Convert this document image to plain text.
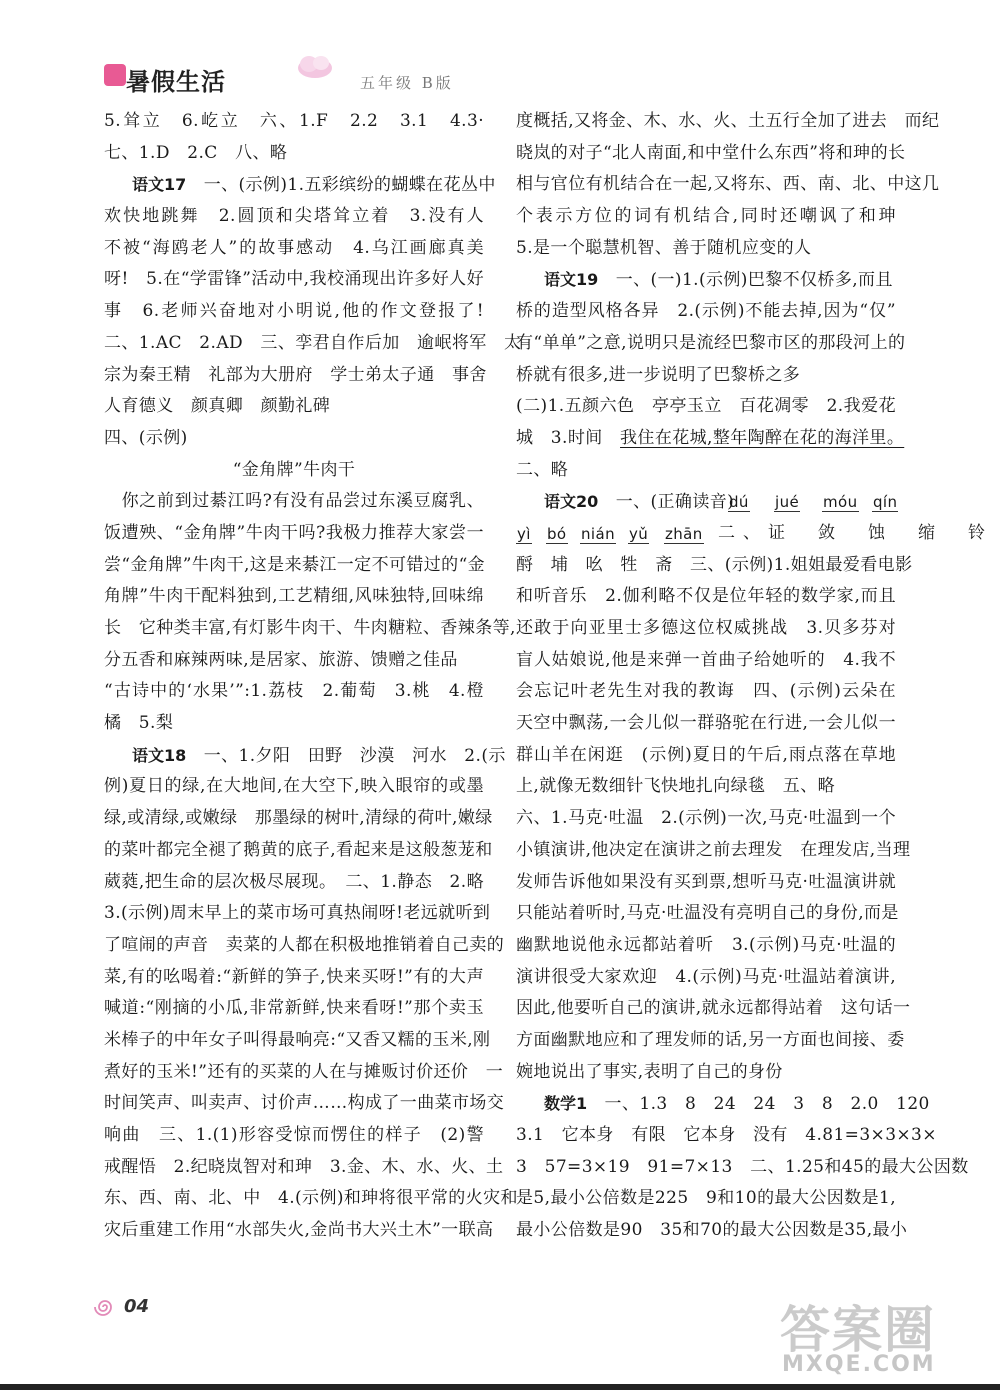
暑假生活	五年级 B版
5.耸立　6.屹立　六、1.F　2.2　3.1　4.3·
七、1.D　2.C　八、略
语文17　 一、(示例)1.五彩缤纷的蝴蝶在花丛中
欢快地跳舞　2.圆顶和尖塔耸立着　3.没有人
不被“海鸥老人”的故事感动　4.乌江画廊真美
呀!　5.在“学雷锋”活动中,我校涌现出许多好人好
事　6.老师兴奋地对小明说,他的作文登报了!
二、1.AC　2.AD　三、孪君自作后加　逾岷将军　太
宗为秦王精　礼部为大册府　学士弟太子通　事舍
人育德义　颜真卿　颜勤礼碑
四、(示例)
“金角牌”牛肉干
　你之前到过綦江吗?有没有品尝过东溪豆腐乳、
饭遭殃、“金角牌”牛肉干吗?我极力推荐大家尝一
尝“金角牌”牛肉干,这是来綦江一定不可错过的“金
角牌”牛肉干配料独到,工艺精细,风味独特,回味绵
长　它种类丰富,有灯影牛肉干、牛肉糖粒、香辣条等,
分五香和麻辣两味,是居家、旅游、馈赠之佳品
“古诗中的‘水果’”:1.荔枝　2.葡萄　3.桃　4.橙
橘　5.梨
语文18　 一、1.夕阳　田野　沙漠　河水　2.(示
例)夏日的绿,在大地间,在大空下,映入眼帘的或墨
绿,或清绿,或嫩绿　那墨绿的树叶,清绿的荷叶,嫩绿
的菜叶都完全褪了鹅黄的底子,看起来是这般葱茏和
葳蕤,把生命的层次极尽展现。　二、1.静态　2.略
3.(示例)周末早上的菜市场可真热闹呀!老远就听到
了喧闹的声音　卖菜的人都在积极地推销着自己卖的
菜,有的吆喝着:“新鲜的笋子,快来买呀!”有的大声
喊道:“刚摘的小瓜,非常新鲜,快来看呀!”那个卖玉
米棒子的中年女子叫得最响亮:“又香又糯的玉米,刚
煮好的玉米!”还有的买菜的人在与摊贩讨价还价　一
时间笑声、叫卖声、讨价声……构成了一曲菜市场交
响曲　三、1.(1)形容受惊而愣住的样子　(2)警
戒醒悟　2.纪晓岚智对和珅　3.金、木、水、火、土
东、西、南、北、中　4.(示例)和珅将很平常的火灾和
灾后重建工作用“水部失火,金尚书大兴土木”一联高
度概括,又将金、木、水、火、土五行全加了进去　而纪
晓岚的对子“北人南面,和中堂什么东西”将和珅的长
相与官位有机结合在一起,又将东、西、南、北、中这几
个表示方位的词有机结合,同时还嘲讽了和珅
5.是一个聪慧机智、善于随机应变的人
语文19　 一、(一)1.(示例)巴黎不仅桥多,而且
桥的造型风格各异　2.(示例)不能去掉,因为“仅”
有“单单”之意,说明只是流经巴黎市区的那段河上的
桥就有很多,进一步说明了巴黎桥之多
(二)1.五颜六色　亭亭玉立　百花凋零　2.我爱花
城　3.时间　我住在花城,整年陶醉在花的海洋里。
二、略
语文20　 一、(正确读音)
dú jué móu qín
yì bó nián yǔ zhān 二、证　敛　蚀　缩　铃
酹　埔　吆　牲　斋　三、(示例)1.姐姐最爱看电影
和听音乐　2.伽利略不仅是位年轻的数学家,而且
还敢于向亚里士多德这位权威挑战　3.贝多芬对
盲人姑娘说,他是来弹一首曲子给她听的　4.我不
会忘记叶老先生对我的教诲　四、(示例)云朵在
天空中飘荡,一会儿似一群骆驼在行进,一会儿似一
群山羊在闲逛　(示例)夏日的午后,雨点落在草地
上,就像无数细针飞快地扎向绿毯　五、略
六、1.马克·吐温　2.(示例)一次,马克·吐温到一个
小镇演讲,他决定在演讲之前去理发　在理发店,当理
发师告诉他如果没有买到票,想听马克·吐温演讲就
只能站着听时,马克·吐温没有亮明自己的身份,而是
幽默地说他永远都站着听　3.(示例)马克·吐温的
演讲很受大家欢迎　4.(示例)马克·吐温站着演讲,
因此,他要听自己的演讲,就永远都得站着　这句话一
方面幽默地应和了理发师的话,另一方面也间接、委
婉地说出了事实,表明了自己的身份
数学1　 一、1.3　8　24　24　3　8　2.0　120
3.1　它本身　有限　它本身　没有　4.81=3×3×3×
3　57=3×19　91=7×13　二、1.25和45的最大公因数
是5,最小公倍数是225　9和10的最大公因数是1,
最小公倍数是90　35和70的最大公因数是35,最小
04	答案圈
MXQE.COM
